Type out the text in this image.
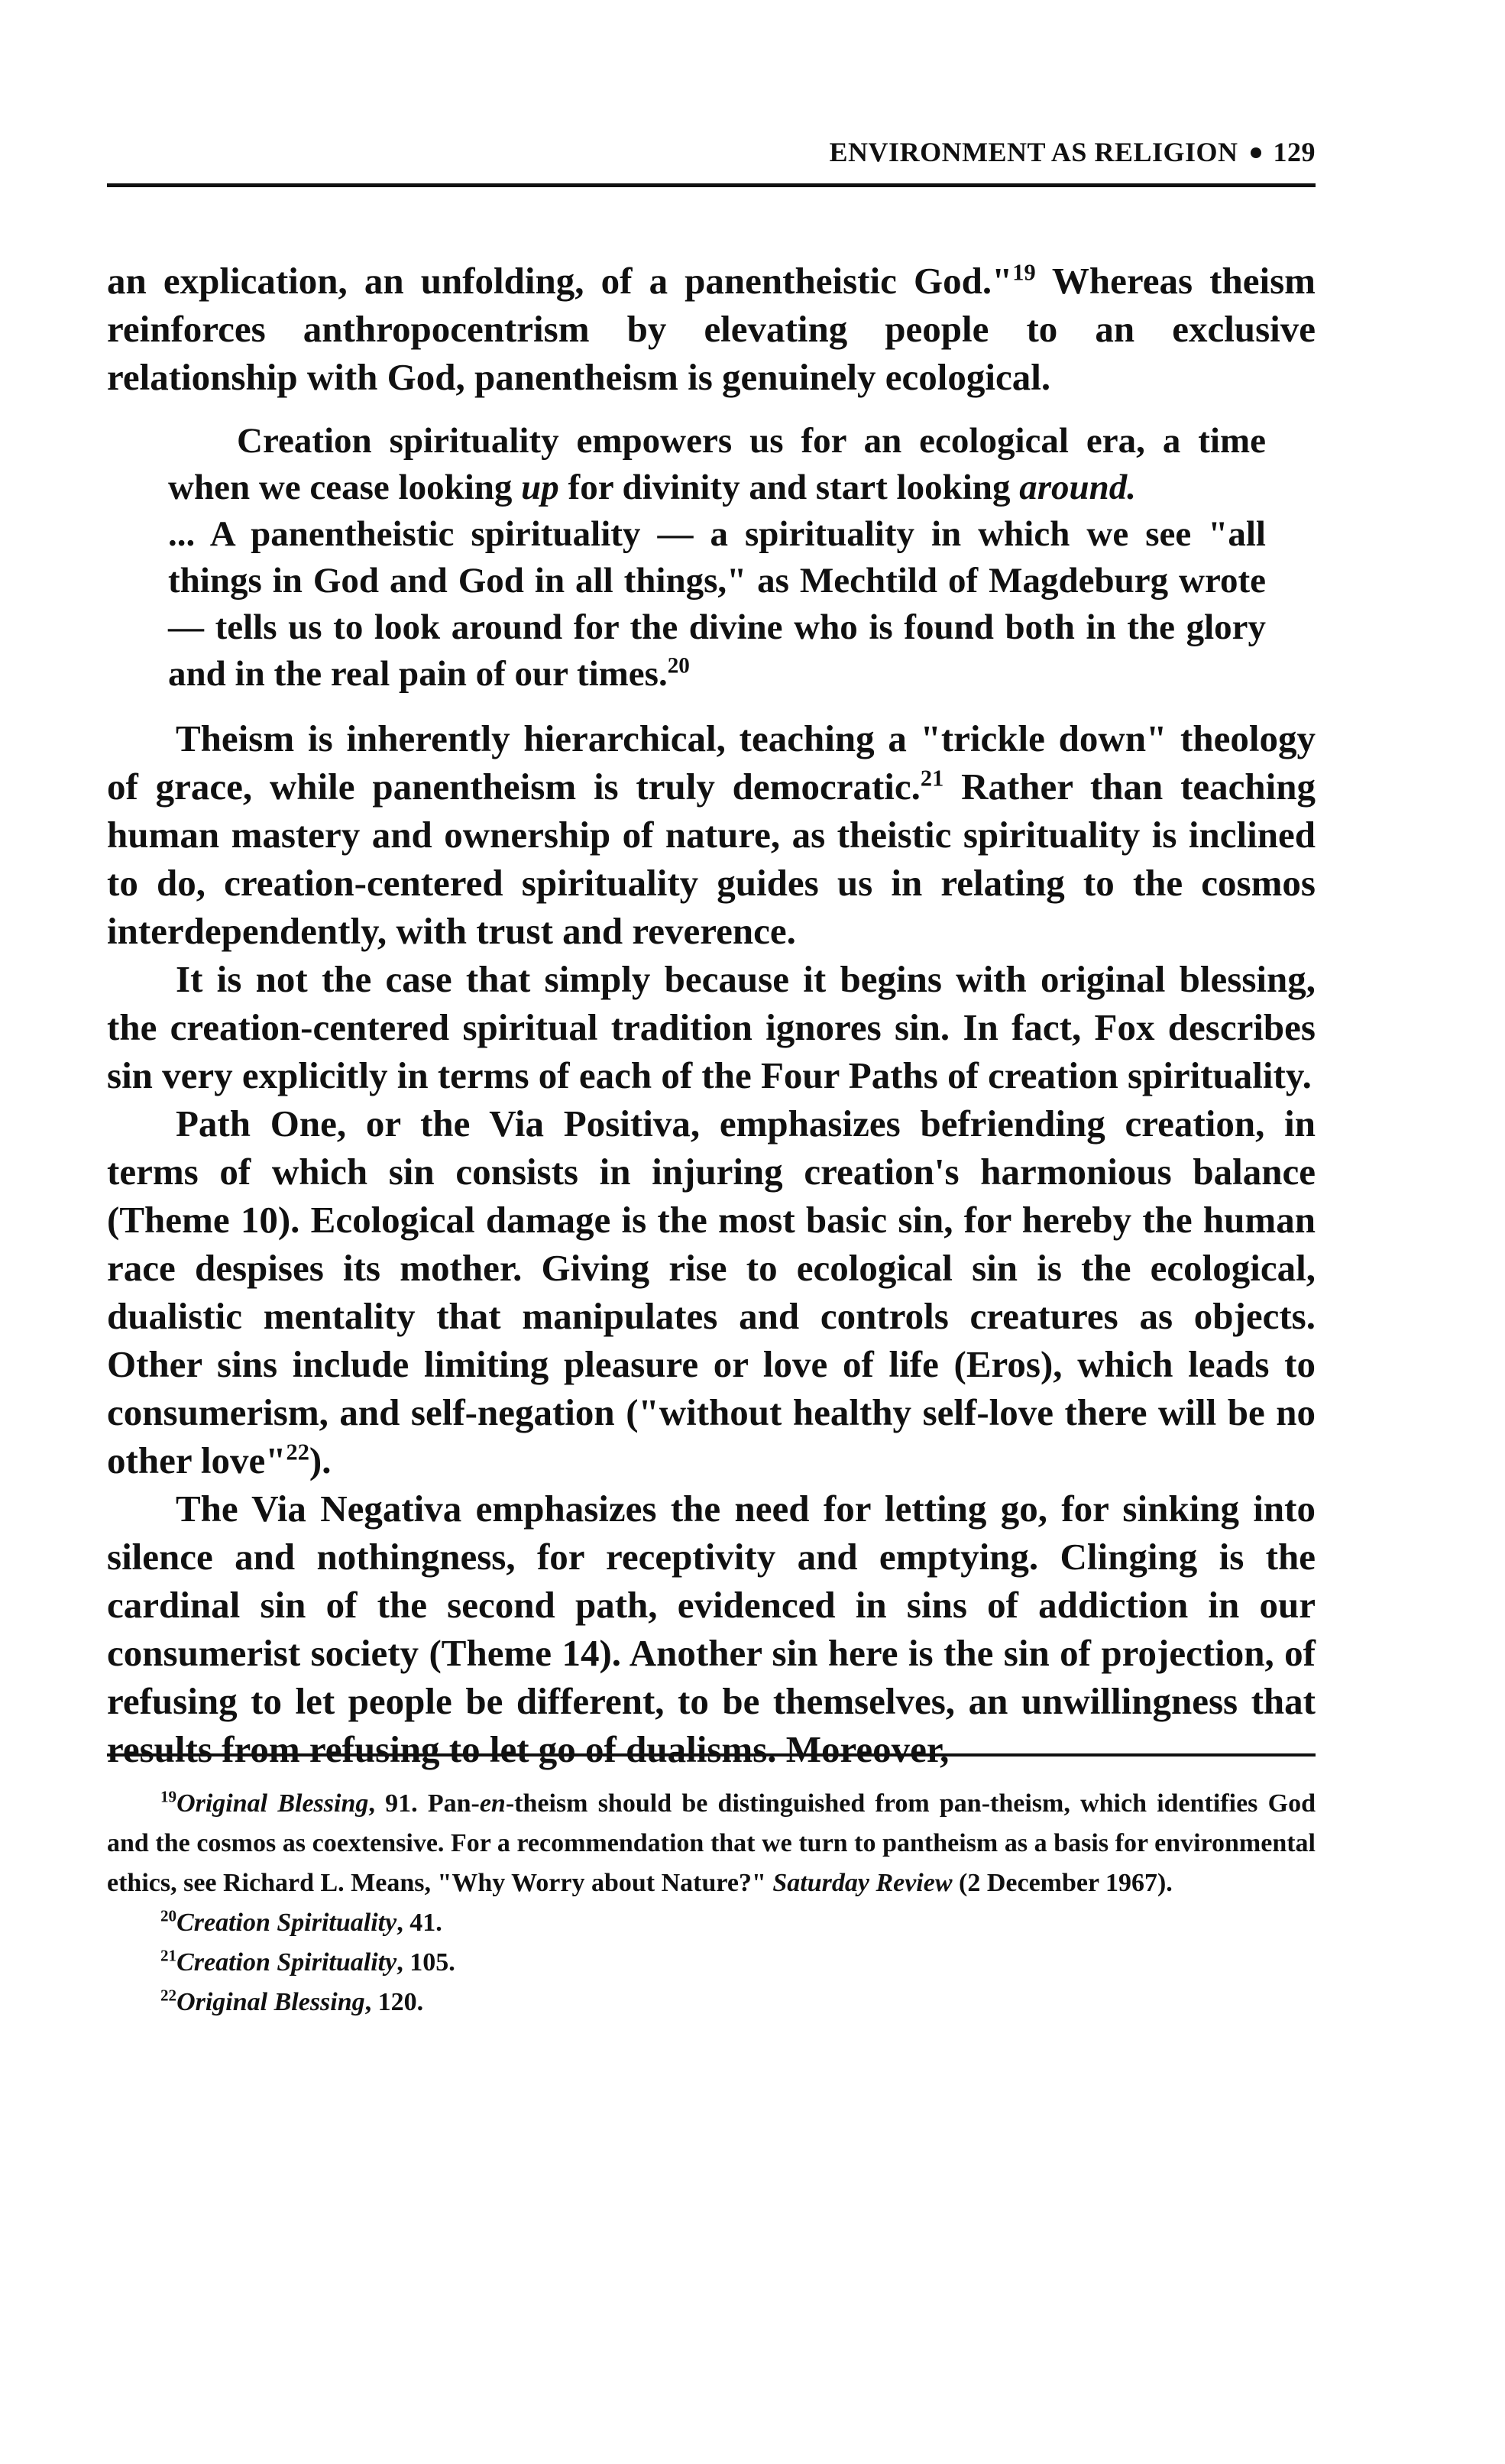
ENVIRONMENT AS RELIGION 129

an explication, an unfolding, of a panentheistic God."$^{19}$ Whereas theism reinforces anthropocentrism by elevating people to an exclusive relationship with God, panentheism is genuinely ecological.

Creation spirituality empowers us for an ecological era, a time when we cease looking up for divinity and start looking around.

... A panentheistic spirituality — a spirituality in which we see "all things in God and God in all things," as Mechtild of Magdeburg wrote — tells us to look around for the divine who is found both in the glory and in the real pain of our times.$^{20}$

Theism is inherently hierarchical, teaching a "trickle down" theology of grace, while panentheism is truly democratic.$^{21}$ Rather than teaching human mastery and ownership of nature, as theistic spirituality is inclined to do, creation-centered spirituality guides us in relating to the cosmos interdependently, with trust and reverence.

It is not the case that simply because it begins with original blessing, the creation-centered spiritual tradition ignores sin. In fact, Fox describes sin very explicitly in terms of each of the Four Paths of creation spirituality.

Path One, or the Via Positiva, emphasizes befriending creation, in terms of which sin consists in injuring creation's harmonious balance (Theme 10). Ecological damage is the most basic sin, for hereby the human race despises its mother. Giving rise to ecological sin is the ecological, dualistic mentality that manipulates and controls creatures as objects. Other sins include limiting pleasure or love of life (Eros), which leads to consumerism, and self-negation ("without healthy self-love there will be no other love"$^{22}$).

The Via Negativa emphasizes the need for letting go, for sinking into silence and nothingness, for receptivity and emptying. Clinging is the cardinal sin of the second path, evidenced in sins of addiction in our consumerist society (Theme 14). Another sin here is the sin of projection, of refusing to let people be different, to be themselves, an unwillingness that results from refusing to let go of dualisms. Moreover,

$^{19}$Original Blessing, 91. Pan-en-theism should be distinguished from pan-theism, which identifies God and the cosmos as coextensive. For a recommendation that we turn to pantheism as a basis for environmental ethics, see Richard L. Means, "Why Worry about Nature?" Saturday Review (2 December 1967).

$^{20}$Creation Spirituality, 41.

$^{21}$Creation Spirituality, 105.

$^{22}$Original Blessing, 120.
